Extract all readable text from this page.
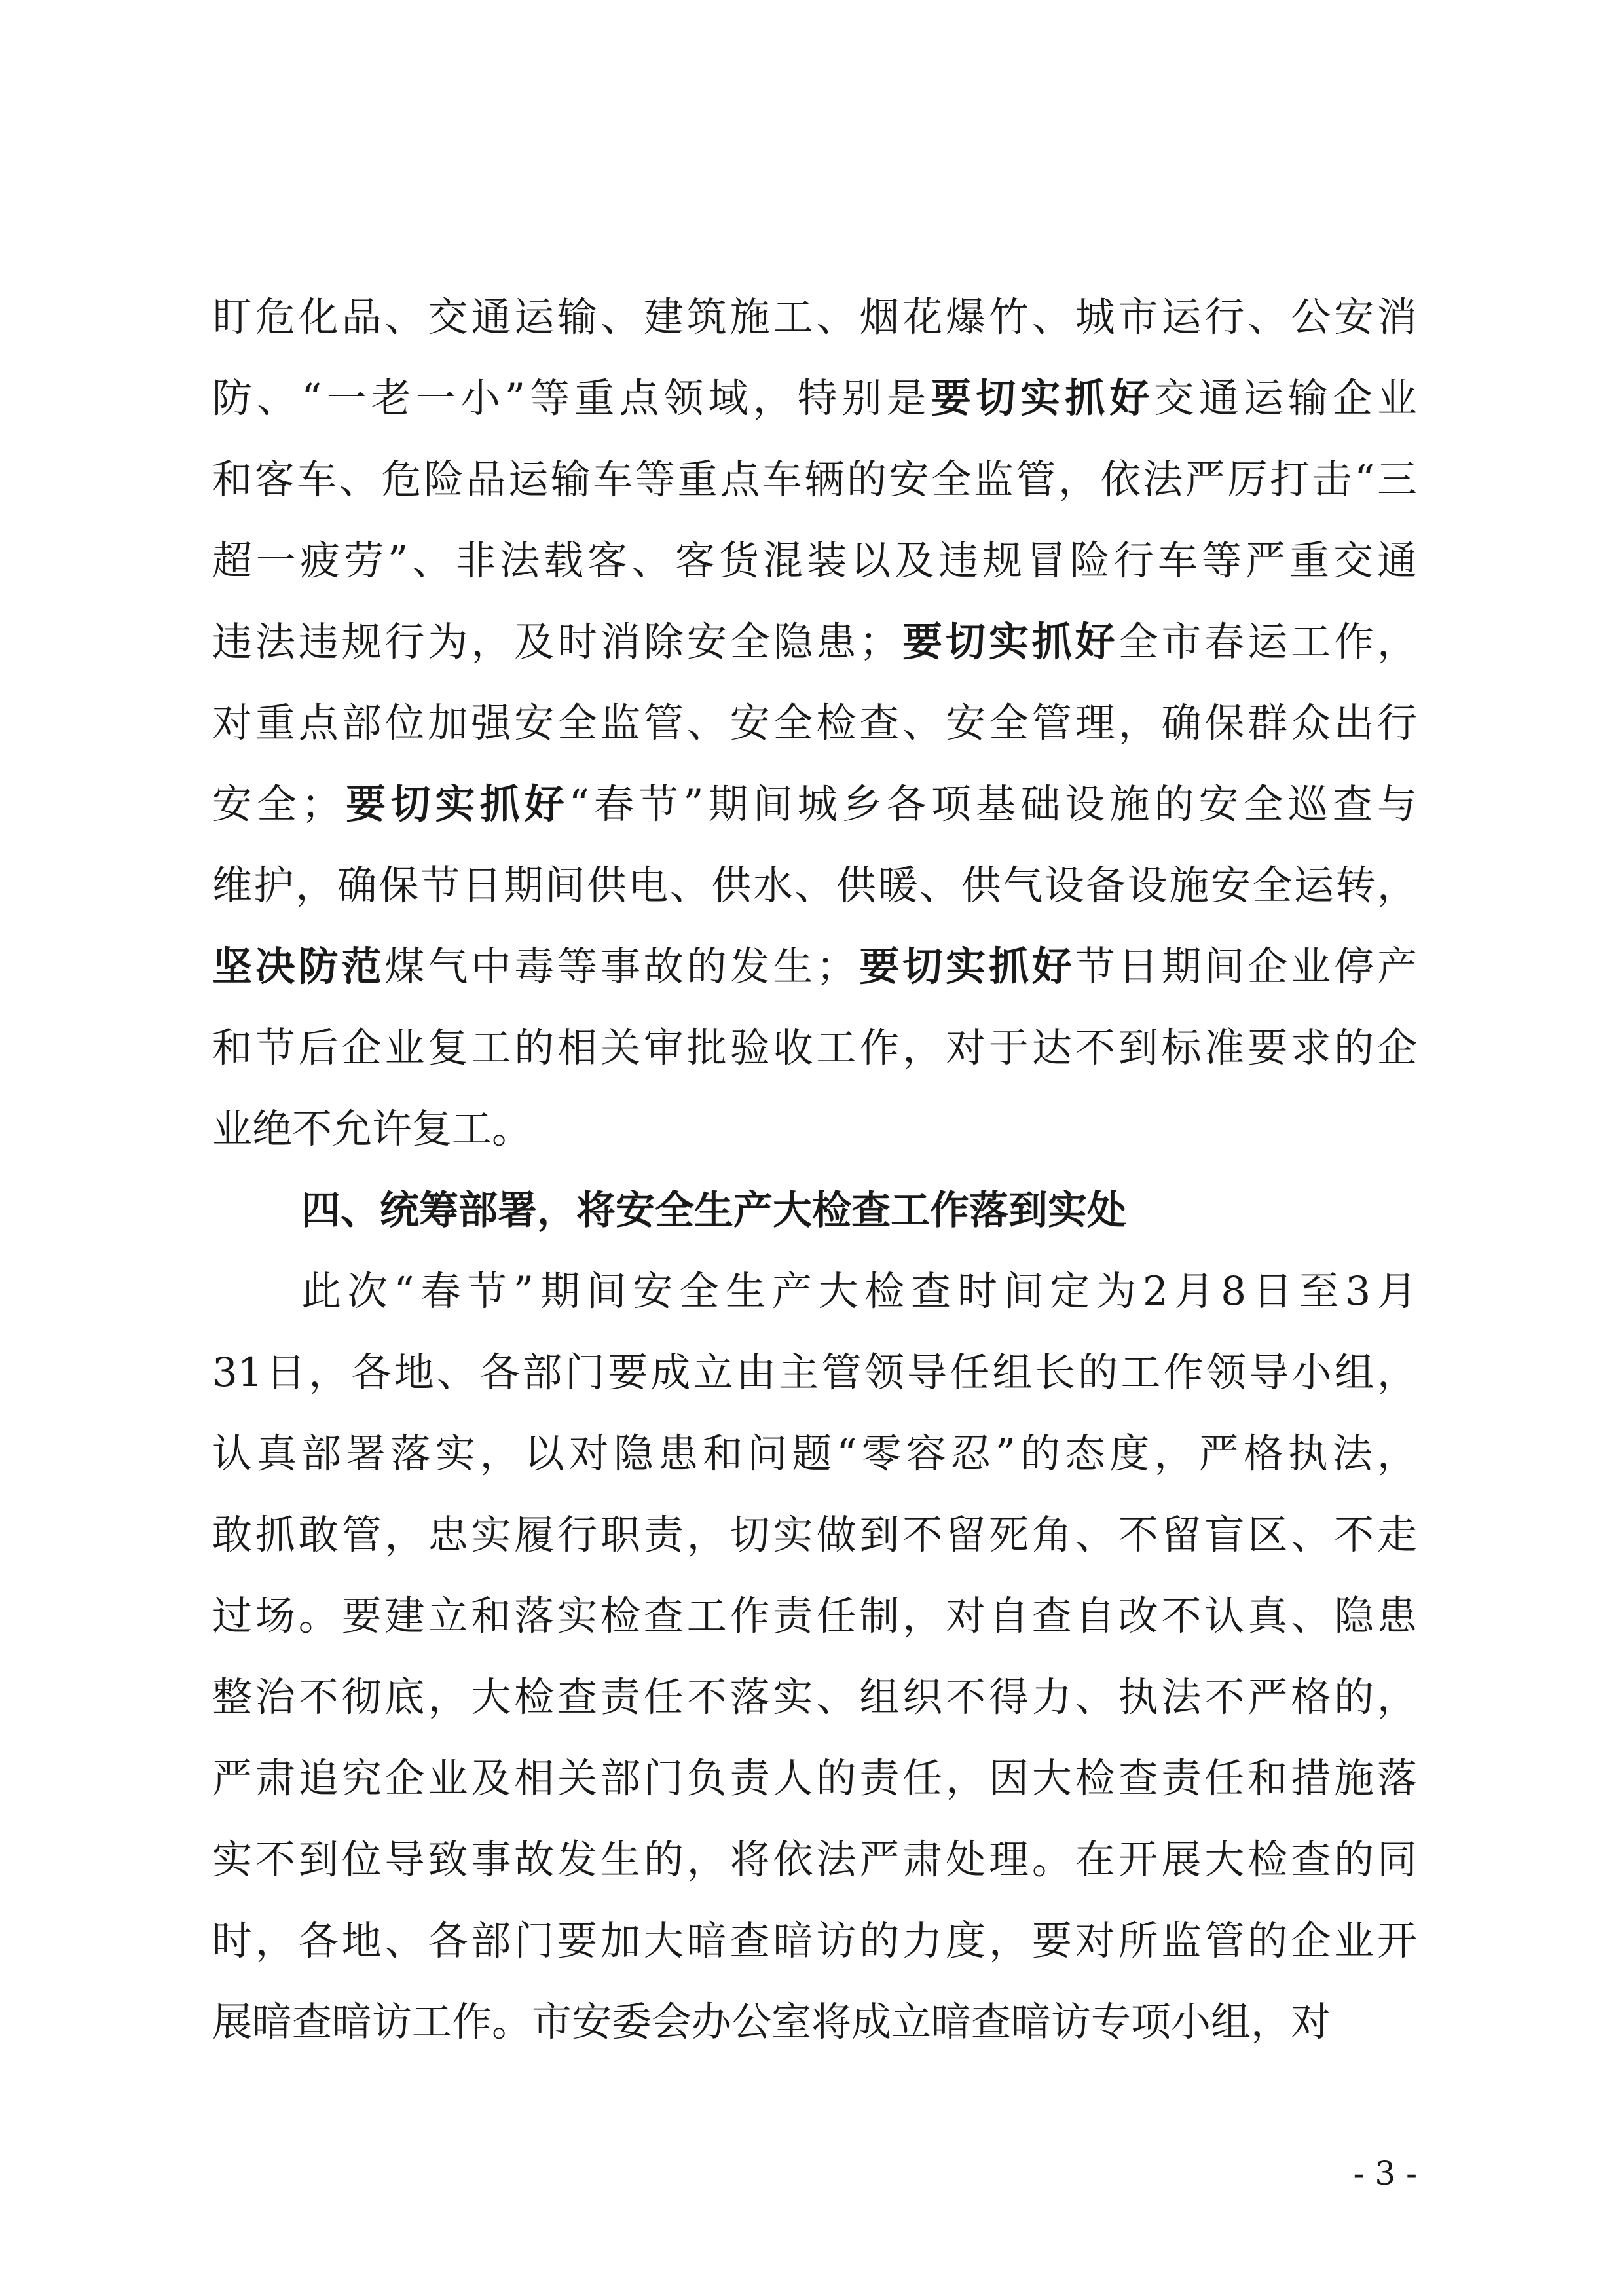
盯危化品、交通运输、建筑施工、烟花爆竹、城市运行、公安消
防、“一老一小”等重点领域，特别是要切实抓好交通运输企业
和客车、危险品运输车等重点车辆的安全监管，依法严厉打击“三
超一疲劳”、非法载客、客货混装以及违规冒险行车等严重交通
违法违规行为，及时消除安全隐患；要切实抓好全市春运工作，
对重点部位加强安全监管、安全检查、安全管理，确保群众出行
安全；要切实抓好“春节”期间城乡各项基础设施的安全巡查与
维护，确保节日期间供电、供水、供暖、供气设备设施安全运转，
坚决防范煤气中毒等事故的发生；要切实抓好节日期间企业停产
和节后企业复工的相关审批验收工作，对于达不到标准要求的企
业绝不允许复工。
四、统筹部署，将安全生产大检查工作落到实处
此次“春节”期间安全生产大检查时间定为2月8日至3月
31日，各地、各部门要成立由主管领导任组长的工作领导小组，
认真部署落实，以对隐患和问题“零容忍”的态度，严格执法，
敢抓敢管，忠实履行职责，切实做到不留死角、不留盲区、不走
过场。要建立和落实检查工作责任制，对自查自改不认真、隐患
整治不彻底，大检查责任不落实、组织不得力、执法不严格的，
严肃追究企业及相关部门负责人的责任，因大检查责任和措施落
实不到位导致事故发生的，将依法严肃处理。在开展大检查的同
时，各地、各部门要加大暗查暗访的力度，要对所监管的企业开
展暗查暗访工作。市安委会办公室将成立暗查暗访专项小组，对
- 3 -
